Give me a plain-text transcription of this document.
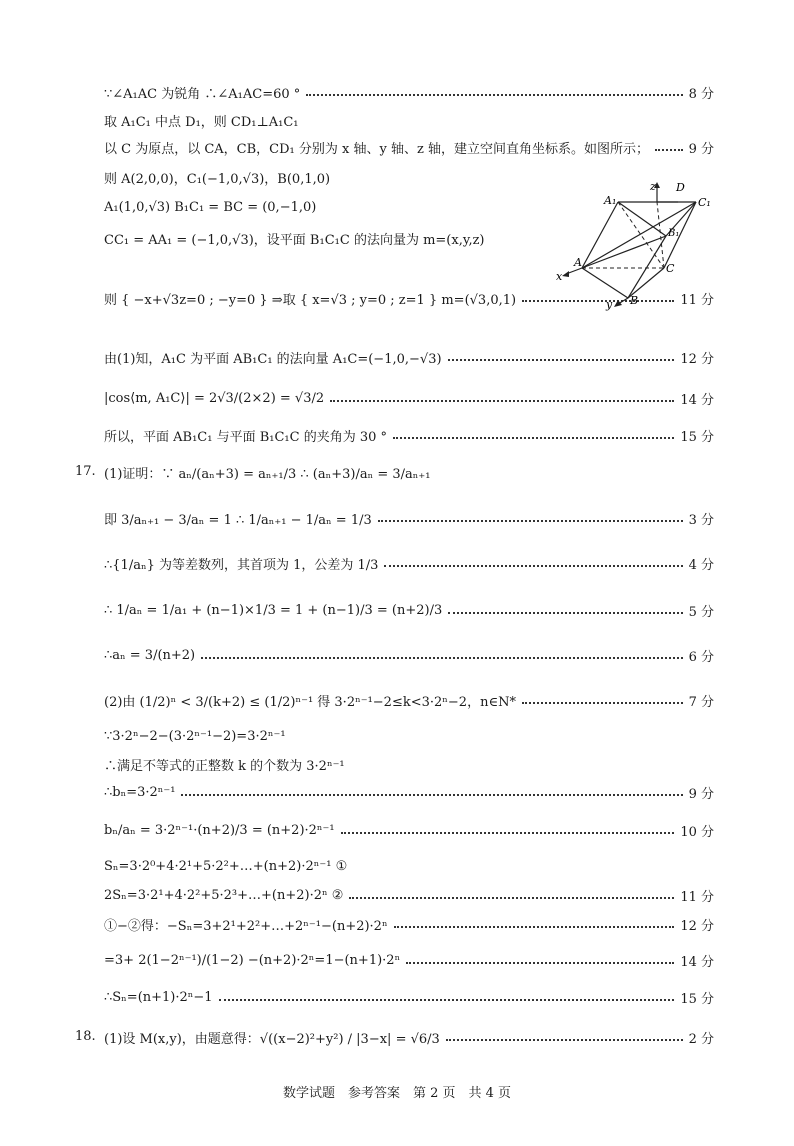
∵∠A₁AC 为锐角 ∴∠A₁AC=60 °	8 分
取 A₁C₁ 中点 D₁，则 CD₁⊥A₁C₁
以 C 为原点，以 CA，CB，CD₁ 分别为 x 轴、y 轴、z 轴，建立空间直角坐标系。如图所示；	9 分
则 A(2,0,0)，C₁(−1,0,√3)，B(0,1,0)
A₁(1,0,√3) B₁C₁ = BC = (0,−1,0)
CC₁ = AA₁ = (−1,0,√3)，设平面 B₁C₁C 的法向量为 m=(x,y,z)
则 { −x+√3z=0 ; −y=0 } ⇒取 { x=√3 ; y=0 ; z=1 } m=(√3,0,1)	11 分
由(1)知，A₁C 为平面 AB₁C₁ 的法向量 A₁C=(−1,0,−√3)	12 分
|cos⟨m, A₁C⟩| = 2√3/(2×2) = √3/2	14 分
所以，平面 AB₁C₁ 与平面 B₁C₁C 的夹角为 30 °	15 分
(1)证明：∵ aₙ/(aₙ+3) = aₙ₊₁/3 ∴ (aₙ+3)/aₙ = 3/aₙ₊₁
即 3/aₙ₊₁ − 3/aₙ = 1 ∴ 1/aₙ₊₁ − 1/aₙ = 1/3	3 分
∴{1/aₙ} 为等差数列，其首项为 1，公差为 1/3	4 分
∴ 1/aₙ = 1/a₁ + (n−1)×1/3 = 1 + (n−1)/3 = (n+2)/3	5 分
∴aₙ = 3/(n+2)	6 分
(2)由 (1/2)ⁿ < 3/(k+2) ≤ (1/2)ⁿ⁻¹ 得 3·2ⁿ⁻¹−2≤k<3·2ⁿ−2，n∈N*	7 分
∵3·2ⁿ−2−(3·2ⁿ⁻¹−2)=3·2ⁿ⁻¹
∴满足不等式的正整数 k 的个数为 3·2ⁿ⁻¹
∴bₙ=3·2ⁿ⁻¹	9 分
bₙ/aₙ = 3·2ⁿ⁻¹·(n+2)/3 = (n+2)·2ⁿ⁻¹	10 分
Sₙ=3·2⁰+4·2¹+5·2²+…+(n+2)·2ⁿ⁻¹ ①
2Sₙ=3·2¹+4·2²+5·2³+…+(n+2)·2ⁿ ②	11 分
①−②得：−Sₙ=3+2¹+2²+…+2ⁿ⁻¹−(n+2)·2ⁿ	12 分
=3+ 2(1−2ⁿ⁻¹)/(1−2) −(n+2)·2ⁿ=1−(n+1)·2ⁿ	14 分
∴Sₙ=(n+1)·2ⁿ−1	15 分
(1)设 M(x,y)，由题意得：√((x−2)²+y²) / |3−x| = √6/3	2 分
17.
18.
z D
C₁
A₁
B₁
A
x
C
y B
数学试题　参考答案　第 2 页　共 4 页
